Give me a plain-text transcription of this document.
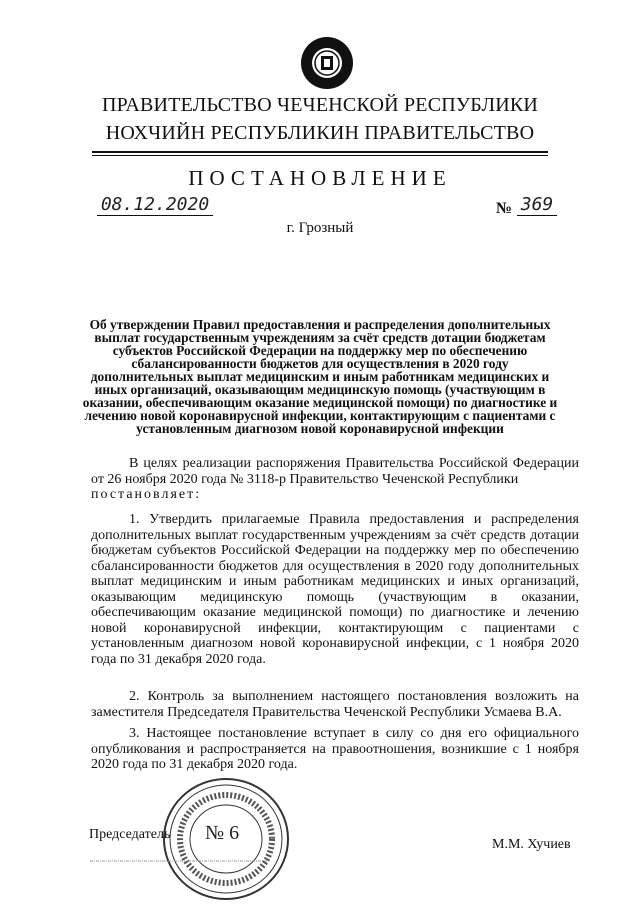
ПРАВИТЕЛЬСТВО ЧЕЧЕНСКОЙ РЕСПУБЛИКИ
НОХЧИЙН РЕСПУБЛИКИН ПРАВИТЕЛЬСТВО
ПОСТАНОВЛЕНИЕ
08.12.2020	№ 369
г. Грозный
Об утверждении Правил предоставления и распределения дополнительных выплат государственным учреждениям за счёт средств дотации бюджетам субъектов Российской Федерации на поддержку мер по обеспечению сбалансированности бюджетов для осуществления в 2020 году дополнительных выплат медицинским и иным работникам медицинских и иных организаций, оказывающим медицинскую помощь (участвующим в оказании, обеспечивающим оказание медицинской помощи) по диагностике и лечению новой коронавирусной инфекции, контактирующим с пациентами с установленным диагнозом новой коронавирусной инфекции
В целях реализации распоряжения Правительства Российской Федерации от 26 ноября 2020 года № 3118-р Правительство Чеченской Республики
постановляет:
1. Утвердить прилагаемые Правила предоставления и распределения дополнительных выплат государственным учреждениям за счёт средств дотации бюджетам субъектов Российской Федерации на поддержку мер по обеспечению сбалансированности бюджетов для осуществления в 2020 году дополнительных выплат медицинским и иным работникам медицинских и иных организаций, оказывающим медицинскую помощь (участвующим в оказании, обеспечивающим оказание медицинской помощи) по диагностике и лечению новой коронавирусной инфекции, контактирующим с пациентами с установленным диагнозом новой коронавирусной инфекции, с 1 ноября 2020 года по 31 декабря 2020 года.
2. Контроль за выполнением настоящего постановления возложить на заместителя Председателя Правительства Чеченской Республики Усмаева В.А.
3. Настоящее постановление вступает в силу со дня его официального опубликования и распространяется на правоотношения, возникшие с 1 ноября 2020 года по 31 декабря 2020 года.
№ 6
Председатель
М.М. Хучиев
